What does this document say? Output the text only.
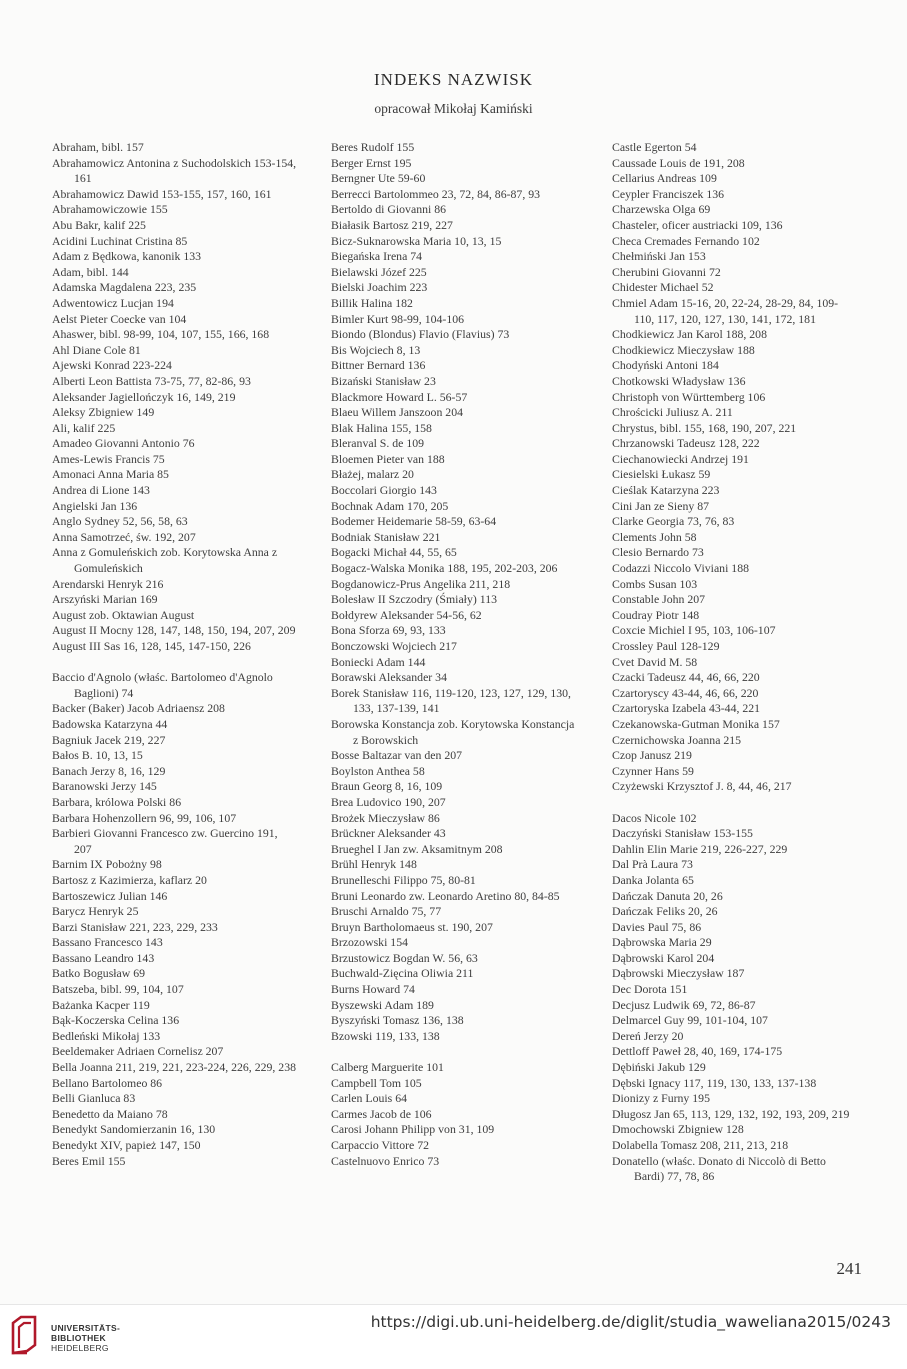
INDEKS NAZWISK
opracował Mikołaj Kamiński
Abraham, bibl. 157
Abrahamowicz Antonina z Suchodolskich 153-154, 161
Abrahamowicz Dawid 153-155, 157, 160, 161
Abrahamowiczowie 155
Abu Bakr, kalif 225
Acidini Luchinat Cristina 85
Adam z Będkowa, kanonik 133
Adam, bibl. 144
Adamska Magdalena 223, 235
Adwentowicz Lucjan 194
Aelst Pieter Coecke van 104
Ahaswer, bibl. 98-99, 104, 107, 155, 166, 168
Ahl Diane Cole 81
Ajewski Konrad 223-224
Alberti Leon Battista 73-75, 77, 82-86, 93
Aleksander Jagiellończyk 16, 149, 219
Aleksy Zbigniew 149
Ali, kalif 225
Amadeo Giovanni Antonio 76
Ames-Lewis Francis 75
Amonaci Anna Maria 85
Andrea di Lione 143
Angielski Jan 136
Anglo Sydney 52, 56, 58, 63
Anna Samotrzeć, św. 192, 207
Anna z Gomuleńskich zob. Korytowska Anna z Gomuleńskich
Arendarski Henryk 216
Arszyński Marian 169
August zob. Oktawian August
August II Mocny 128, 147, 148, 150, 194, 207, 209
August III Sas 16, 128, 145, 147-150, 226
Baccio d'Agnolo (właśc. Bartolomeo d'Agnolo Baglioni) 74
Backer (Baker) Jacob Adriaensz 208
Badowska Katarzyna 44
Bagniuk Jacek 219, 227
Bałos B. 10, 13, 15
Banach Jerzy 8, 16, 129
Baranowski Jerzy 145
Barbara, królowa Polski 86
Barbara Hohenzollern 96, 99, 106, 107
Barbieri Giovanni Francesco zw. Guercino 191, 207
Barnim IX Pobożny 98
Bartosz z Kazimierza, kaflarz 20
Bartoszewicz Julian 146
Barycz Henryk 25
Barzi Stanisław 221, 223, 229, 233
Bassano Francesco 143
Bassano Leandro 143
Batko Bogusław 69
Batszeba, bibl. 99, 104, 107
Bażanka Kacper 119
Bąk-Koczerska Celina 136
Bedleński Mikołaj 133
Beeldemaker Adriaen Cornelisz 207
Bella Joanna 211, 219, 221, 223-224, 226, 229, 238
Bellano Bartolomeo 86
Belli Gianluca 83
Benedetto da Maiano 78
Benedykt Sandomierzanin 16, 130
Benedykt XIV, papież 147, 150
Beres Emil 155
Beres Rudolf 155
Berger Ernst 195
Berngner Ute 59-60
Berrecci Bartolommeo 23, 72, 84, 86-87, 93
Bertoldo di Giovanni 86
Białasik Bartosz 219, 227
Bicz-Suknarowska Maria 10, 13, 15
Biegańska Irena 74
Bielawski Józef 225
Bielski Joachim 223
Billik Halina 182
Bimler Kurt 98-99, 104-106
Biondo (Blondus) Flavio (Flavius) 73
Bis Wojciech 8, 13
Bittner Bernard 136
Bizański Stanisław 23
Blackmore Howard L. 56-57
Blaeu Willem Janszoon 204
Blak Halina 155, 158
Bleranval S. de 109
Bloemen Pieter van 188
Błażej, malarz 20
Boccolari Giorgio 143
Bochnak Adam 170, 205
Bodemer Heidemarie 58-59, 63-64
Bodniak Stanisław 221
Bogacki Michał 44, 55, 65
Bogacz-Walska Monika 188, 195, 202-203, 206
Bogdanowicz-Prus Angelika 211, 218
Bolesław II Szczodry (Śmiały) 113
Bołdyrew Aleksander 54-56, 62
Bona Sforza 69, 93, 133
Bonczowski Wojciech 217
Boniecki Adam 144
Borawski Aleksander 34
Borek Stanisław 116, 119-120, 123, 127, 129, 130, 133, 137-139, 141
Borowska Konstancja zob. Korytowska Konstancja z Borowskich
Bosse Baltazar van den 207
Boylston Anthea 58
Braun Georg 8, 16, 109
Brea Ludovico 190, 207
Brożek Mieczysław 86
Brückner Aleksander 43
Brueghel I Jan zw. Aksamitnym 208
Brühl Henryk 148
Brunelleschi Filippo 75, 80-81
Bruni Leonardo zw. Leonardo Aretino 80, 84-85
Bruschi Arnaldo 75, 77
Bruyn Bartholomaeus st. 190, 207
Brzozowski 154
Brzustowicz Bogdan W. 56, 63
Buchwald-Zięcina Oliwia 211
Burns Howard 74
Byszewski Adam 189
Byszyński Tomasz 136, 138
Bzowski 119, 133, 138
Calberg Marguerite 101
Campbell Tom 105
Carlen Louis 64
Carmes Jacob de 106
Carosi Johann Philipp von 31, 109
Carpaccio Vittore 72
Castelnuovo Enrico 73
Castle Egerton 54
Caussade Louis de 191, 208
Cellarius Andreas 109
Ceypler Franciszek 136
Charzewska Olga 69
Chasteler, oficer austriacki 109, 136
Checa Cremades Fernando 102
Chełmiński Jan 153
Cherubini Giovanni 72
Chidester Michael 52
Chmiel Adam 15-16, 20, 22-24, 28-29, 84, 109-110, 117, 120, 127, 130, 141, 172, 181
Chodkiewicz Jan Karol 188, 208
Chodkiewicz Mieczysław 188
Chodyński Antoni 184
Chotkowski Władysław 136
Christoph von Württemberg 106
Chrościcki Juliusz A. 211
Chrystus, bibl. 155, 168, 190, 207, 221
Chrzanowski Tadeusz 128, 222
Ciechanowiecki Andrzej 191
Ciesielski Łukasz 59
Cieślak Katarzyna 223
Cini Jan ze Sieny 87
Clarke Georgia 73, 76, 83
Clements John 58
Clesio Bernardo 73
Codazzi Niccolo Viviani 188
Combs Susan 103
Constable John 207
Coudray Piotr 148
Coxcie Michiel I 95, 103, 106-107
Crossley Paul 128-129
Cvet David M. 58
Czacki Tadeusz 44, 46, 66, 220
Czartoryscy 43-44, 46, 66, 220
Czartoryska Izabela 43-44, 221
Czekanowska-Gutman Monika 157
Czernichowska Joanna 215
Czop Janusz 219
Czynner Hans 59
Czyżewski Krzysztof J. 8, 44, 46, 217
Dacos Nicole 102
Daczyński Stanisław 153-155
Dahlin Elin Marie 219, 226-227, 229
Dal Prà Laura 73
Danka Jolanta 65
Dańczak Danuta 20, 26
Dańczak Feliks 20, 26
Davies Paul 75, 86
Dąbrowska Maria 29
Dąbrowski Karol 204
Dąbrowski Mieczysław 187
Dec Dorota 151
Decjusz Ludwik 69, 72, 86-87
Delmarcel Guy 99, 101-104, 107
Dereń Jerzy 20
Dettloff Paweł 28, 40, 169, 174-175
Dębiński Jakub 129
Dębski Ignacy 117, 119, 130, 133, 137-138
Dionizy z Furny 195
Długosz Jan 65, 113, 129, 132, 192, 193, 209, 219
Dmochowski Zbigniew 128
Dolabella Tomasz 208, 211, 213, 218
Donatello (właśc. Donato di Niccolò di Betto Bardi) 77, 78, 86
241
UNIVERSITÄTS-
BIBLIOTHEK
HEIDELBERG
https://digi.ub.uni-heidelberg.de/diglit/studia_waweliana2015/0243
